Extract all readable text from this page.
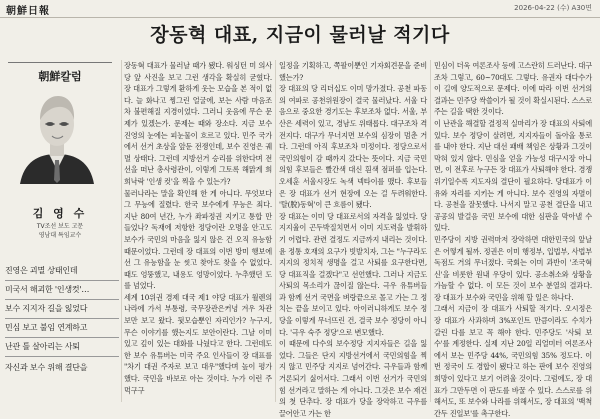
朝鮮日報	2026-04-22 (수) A30면
장동혁 대표, 지금이 물러날 적기다
朝鮮칼럼
김 영 수
TV조선 보도 고문
영남대 특임교수
진영은 괴멸 상태인데
미국서 해괴한 '인생컷'…
보수 지지자 길을 잃었다
민심 보고 불임 연계하고
난관 틀 살아리는 사퇴
자신과 보수 위해 결단을

장동혁 대표가 물러날 때가 됐다. 워싱턴 미 의사당 앞 사진을 보고 그런 생각을 확실히 굳혔다. 장 대표가 그렇게 환하게 웃는 모습을 본 적이 없다. 늘 화나고 찡그린 얼굴에, 보는 사람 마음조차 불편해질 지경이었다. 그러니 웃음에 무슨 문제가 있겠는가. 문제는 때와 장소다. 지금 보수 진영의 눈에는 피눈물이 흐르고 있다. 민주 국가에서 선거 초상을 앞둔 전쟁인데, 보수 진영은 궤멸 상태다. 그런데 지방선거 승리를 위한다며 전선을 떠난 총사령관이, 이렇게 그토록 해맑게 희희낙락 '인생 컷'을 찍을 수 있는가?

물러나라는 말을 확인해 한 게 아니다. 무엇보다 그 무능에 질렸다. 한국 보수에게 무능은 죄다. 지난 80여 년간, 누가 좌파정권 지키고 통합 만들었나? 독재에 저항한 정당이란 오명을 안고도 보수가 국민의 마음을 잃지 않은 건 오직 유능함 때문이었다. 그런데 장 대표의 이번 방미 행보에선 그 유능함을 눈 씻고 찾아도 찾을 수 없었다. 때도 엉뚱했고, 내용도 엉망이었다. 누추했던 도를 넘었다.

세계 10위권 경제 대국 제1 야당 대표가 월렌의 나라에 가서 부통령, 국무장관은커녕 겨우 차관보만 보고 왔다. 뒷모습뿐인 자리인가? 누구지, 무슨 이야기를 했는지도 보안이란다. 그날 이미 있고 깊이 있는 대화를 나눴다고 한다. 그런데도 한 보수 유튜버는 미국 주요 인사들이 장 대표를 "차기 대권 주자로 보고 대우"했다며 높이 평가했다. 국민을 바보로 아는 것이다. 누가 이런 주먹구구

일정을 기획하고, 쪽팔이뿐인 기자회견문을 준비했는가?

장 대표의 당 리더십도 이미 망가졌다. 공천 파동의 여파로 공천위원장이 결국 물러났다. 서울 다음으로 중요한 경기도는 후보조차 없다. 서울, 부산은 세력이 있고, 경남도 위태롭다. 대구조차 격전지다. 대구가 무너지면 보수의 심장이 멈춘 거다. 그런데 아직 후보조차 미정이다. 정당으로서 국민의힘이 감 때까지 갔다는 뜻이다. 지금 국민의힘 후보들은 빨간색 대신 흰색 점퍼를 입는다. 오세훈 서울시장도 녹색 넥타이를 맸다. 후보들은 장 대표가 선거 현장에 오는 걸 두려워한다. '탈(脫)동혁'이 큰 흐름이 됐다.

장 대표는 이미 당 대표로서의 자격을 잃었다. 당 지지율이 곤두박질치면서 이미 지도력을 발휘하기 어렵다. 관련 결정도 지금까지 내리는 것이다. 윤 정통 호재의 요구가 빗발치자, 그는 "누구라도 지지의 정치적 생명을 걸고 사퇴를 요구한다면, 당 대표직을 걸겠다"고 선언했다. 그러나 지금도 사퇴의 목소리가 끊이질 않는다. 극우 유튜버들과 함께 선거 국면을 벼랑끝으로 몰고 가는 그 정치는 끝을 보이고 있다. 아이러니하게도 보수 정당을 이렇게 무너뜨린 건, 결국 보수 정당이 아니다. '극우 숙주 정당'으로 변모했다.

이 때문에 다수의 보수정당 지지자들은 길을 잃었다. 그들은 단지 지방선거에서 국민의힘을 찍지 않고 민주당 지지로 넘어간다. 극우들과 함께 거론되기 싫어서다. 그래서 이번 선거가 국민의 힘 선거라고 말하는 게 아니다. 그것은 보수 재건의 첫 단추다. 장 대표가 당을 장악하고 극우를 끌어안고 가는 한

민심이 더욱 여론조사 등에 고스란히 드러난다. 대구조차 그렇고, 60~70대도 그렇다. 유권자 대다수가 이 길에 양도적으로 문제다. 이에 따라 이번 선거의 결과는 민주당 싹쓸이가 될 것이 확실시된다. 스스로 주는 길을 택한 것이다.

이 난관을 해결할 결정적 실마리가 장 대표의 사퇴에 있다. 보수 정당이 살려면, 지지자들이 돌아올 통로를 내야 한다. 지난 대선 패배 책임은 상황과 그것이 막혀 있지 않다. 민심을 얻을 가능성 대구시장 아니면, 이 전후로 누구든 장 대표가 사퇴해야 한다. 경쟁 위기일수록 지도자의 결단이 필요하다. 당대표가 이유와 자리를 지키는 게 아니다. 보수 진영의 자멸이다. 공천을 잘못했다. 나서지 말고 공천 결단을 내고 공공의 발걸음 국민 보수에 대한 심판을 막아낼 수 있다.

민주당이 지방 권력마저 장악하면 대한민국의 앞날은 어떻게 될까. 정권은 이미 행정부, 입법부, 사법부 독점도 거의 무너졌다. 국회는 이미 과반이 '조국혁신'을 비롯한 원내 우당이 있다. 공소취소와 상황을 가늠할 수 없다. 이 모든 것이 보수 분열의 결과다. 장 대표가 보수와 국민을 위해 할 일은 하나다.

그래서 지금이 장 대표가 사퇴할 적기다. 오시정은 장 대표가 사과하며 3%포인트 만큼이라도 수치가 갈린 다를 보고 꼭 해야 한다. 민주당도 '사퇴 보수'를 계정한다. 실제 지난 20일 리얼미터 여론조사에서 보는 민주당 44%, 국민의힘 35% 정도다. 이번 정국이 도 경합이 됐다고 하는 판에 보수 진영의 희망이 있다고 보기 어려울 것이다. 그럼에도, 장 대표가 그만두면 이 판도를 바꿀 수 있다. 스스로를 위해서도, 또 보수와 나라를 위해서도, 장 대표의 '백척간두 진일보'를 촉구한다.
